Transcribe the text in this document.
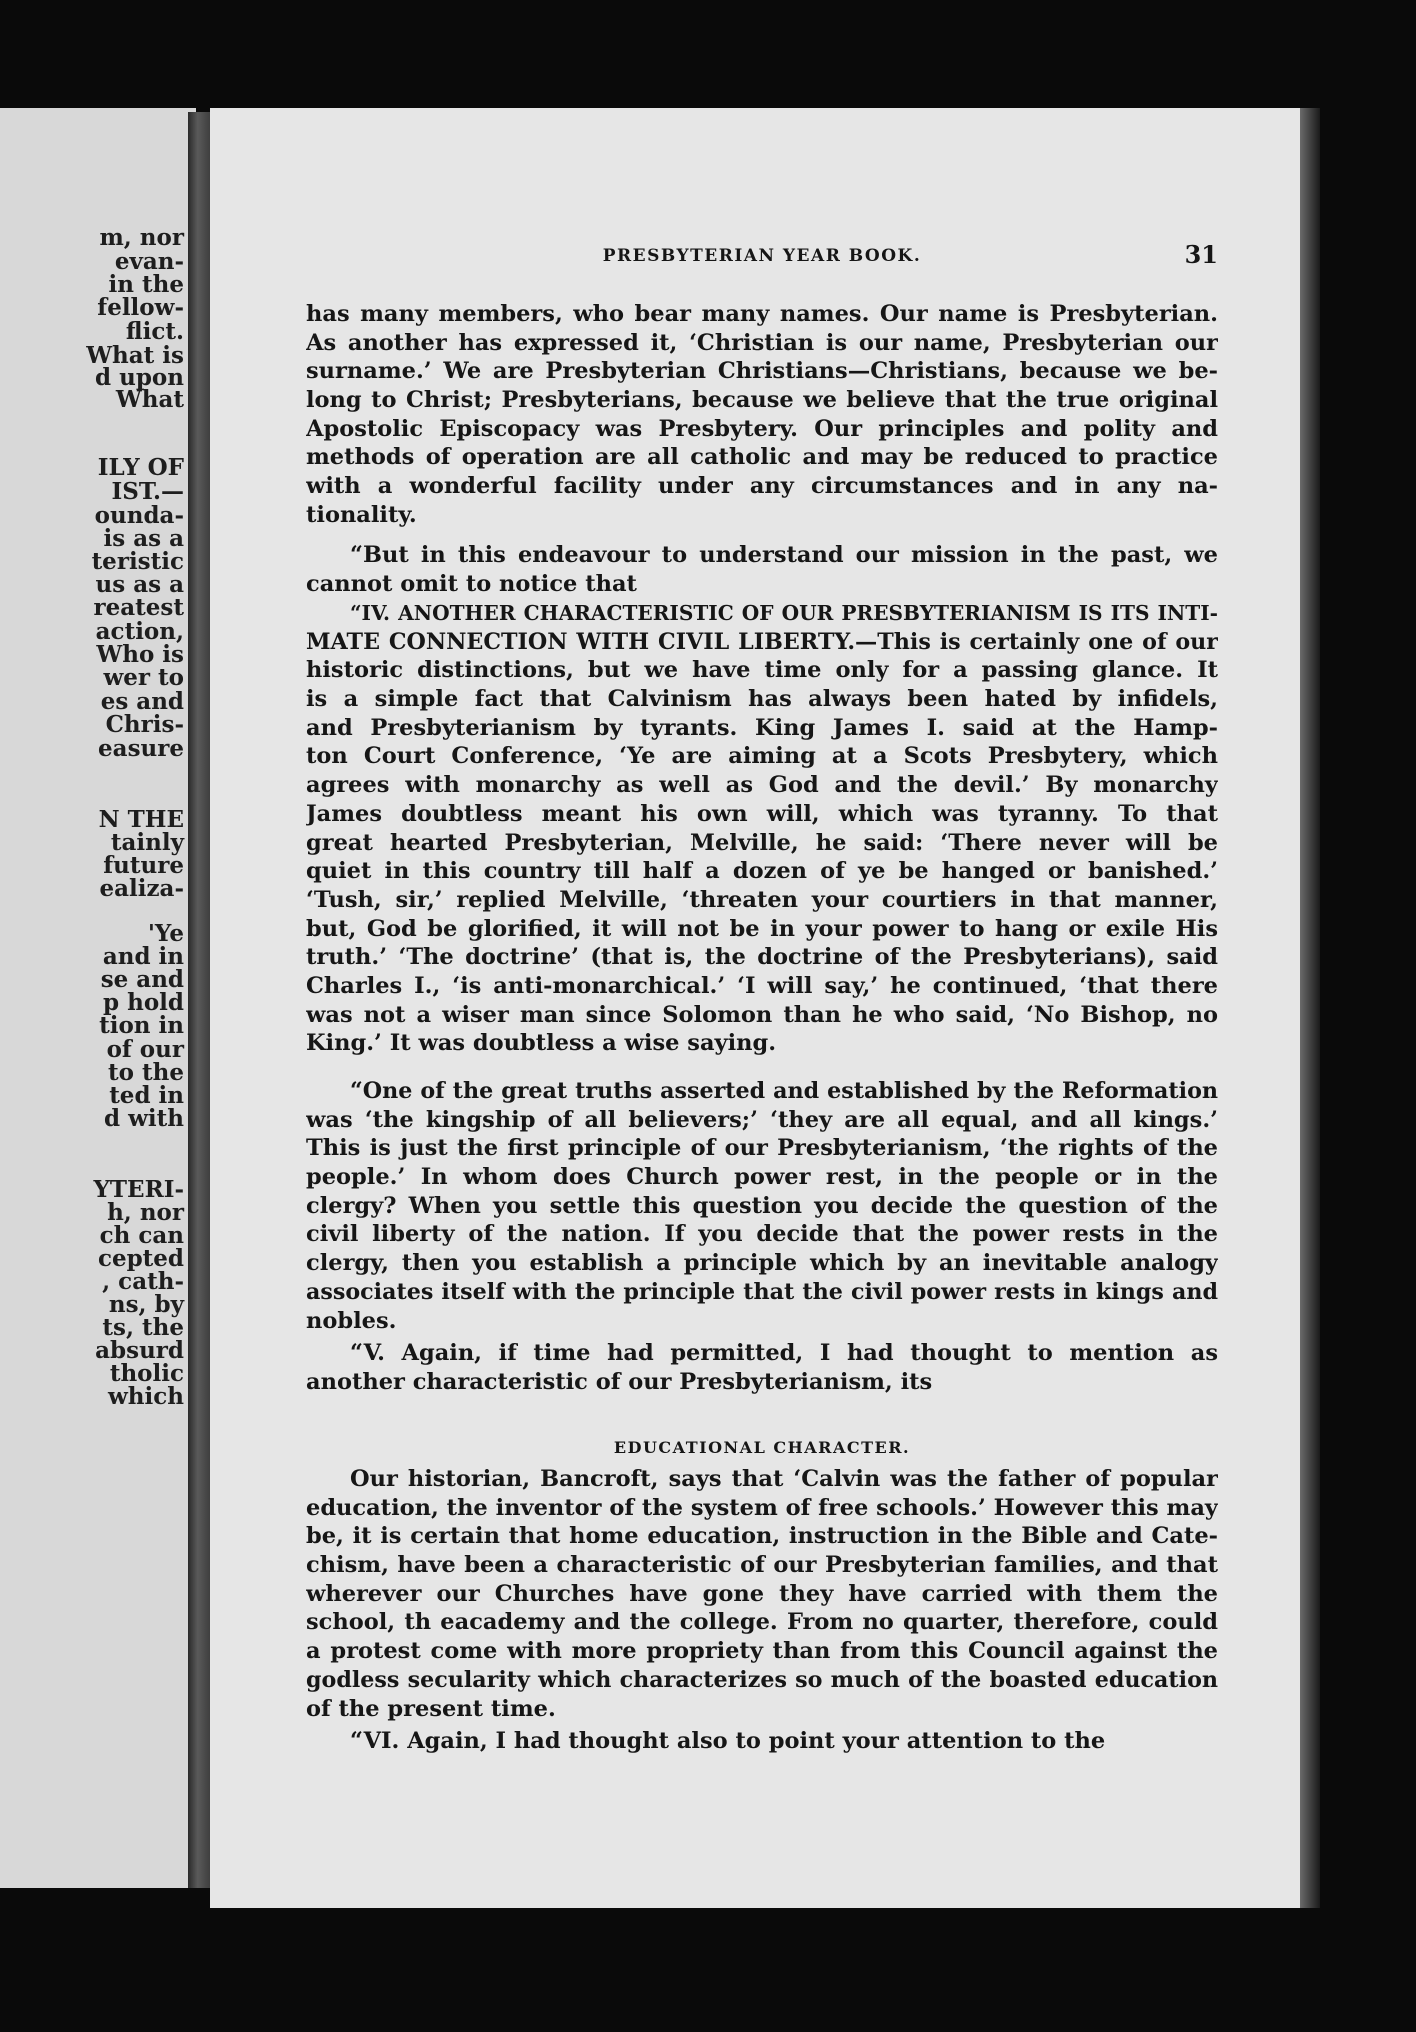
m, nor
evan-
in the
fellow-
flict.
What is
d upon
What
ILY OF
IST.—
ounda-
is as a
teristic
us as a
reatest
action,
Who is
wer to
es and
Chris-
easure
N THE
tainly
future
ealiza-
'Ye
and in
se and
p hold
tion in
of our
to the
ted in
d with
YTERI-
h, nor
ch can
cepted
, cath-
ns, by
ts, the
absurd
tholic
which
PRESBYTERIAN YEAR BOOK.	31
has many members, who bear many names. Our name is Presbyterian.
As another has expressed it, ‘Christian is our name, Presbyterian our
surname.’ We are Presbyterian Christians—Christians, because we be-
long to Christ; Presbyterians, because we believe that the true original
Apostolic Episcopacy was Presbytery. Our principles and polity and
methods of operation are all catholic and may be reduced to practice
with a wonderful facility under any circumstances and in any na-
tionality.
“But in this endeavour to understand our mission in the past, we
cannot omit to notice that
“IV. ANOTHER CHARACTERISTIC OF OUR PRESBYTERIANISM IS ITS INTI-
MATE CONNECTION WITH CIVIL LIBERTY.—This is certainly one of our
historic distinctions, but we have time only for a passing glance. It
is a simple fact that Calvinism has always been hated by infidels,
and Presbyterianism by tyrants. King James I. said at the Hamp-
ton Court Conference, ‘Ye are aiming at a Scots Presbytery, which
agrees with monarchy as well as God and the devil.’ By monarchy
James doubtless meant his own will, which was tyranny. To that
great hearted Presbyterian, Melville, he said: ‘There never will be
quiet in this country till half a dozen of ye be hanged or banished.’
‘Tush, sir,’ replied Melville, ‘threaten your courtiers in that manner,
but, God be glorified, it will not be in your power to hang or exile His
truth.’ ‘The doctrine’ (that is, the doctrine of the Presbyterians), said
Charles I., ‘is anti-monarchical.’ ‘I will say,’ he continued, ‘that there
was not a wiser man since Solomon than he who said, ‘No Bishop, no
King.’ It was doubtless a wise saying.
“One of the great truths asserted and established by the Reformation
was ‘the kingship of all believers;’ ‘they are all equal, and all kings.’
This is just the first principle of our Presbyterianism, ‘the rights of the
people.’ In whom does Church power rest, in the people or in the
clergy? When you settle this question you decide the question of the
civil liberty of the nation. If you decide that the power rests in the
clergy, then you establish a principle which by an inevitable analogy
associates itself with the principle that the civil power rests in kings and
nobles.
“V. Again, if time had permitted, I had thought to mention as
another characteristic of our Presbyterianism, its
EDUCATIONAL CHARACTER.
Our historian, Bancroft, says that ‘Calvin was the father of popular
education, the inventor of the system of free schools.’ However this may
be, it is certain that home education, instruction in the Bible and Cate-
chism, have been a characteristic of our Presbyterian families, and that
wherever our Churches have gone they have carried with them the
school, th eacademy and the college. From no quarter, therefore, could
a protest come with more propriety than from this Council against the
godless secularity which characterizes so much of the boasted education
of the present time.
“VI. Again, I had thought also to point your attention to the
